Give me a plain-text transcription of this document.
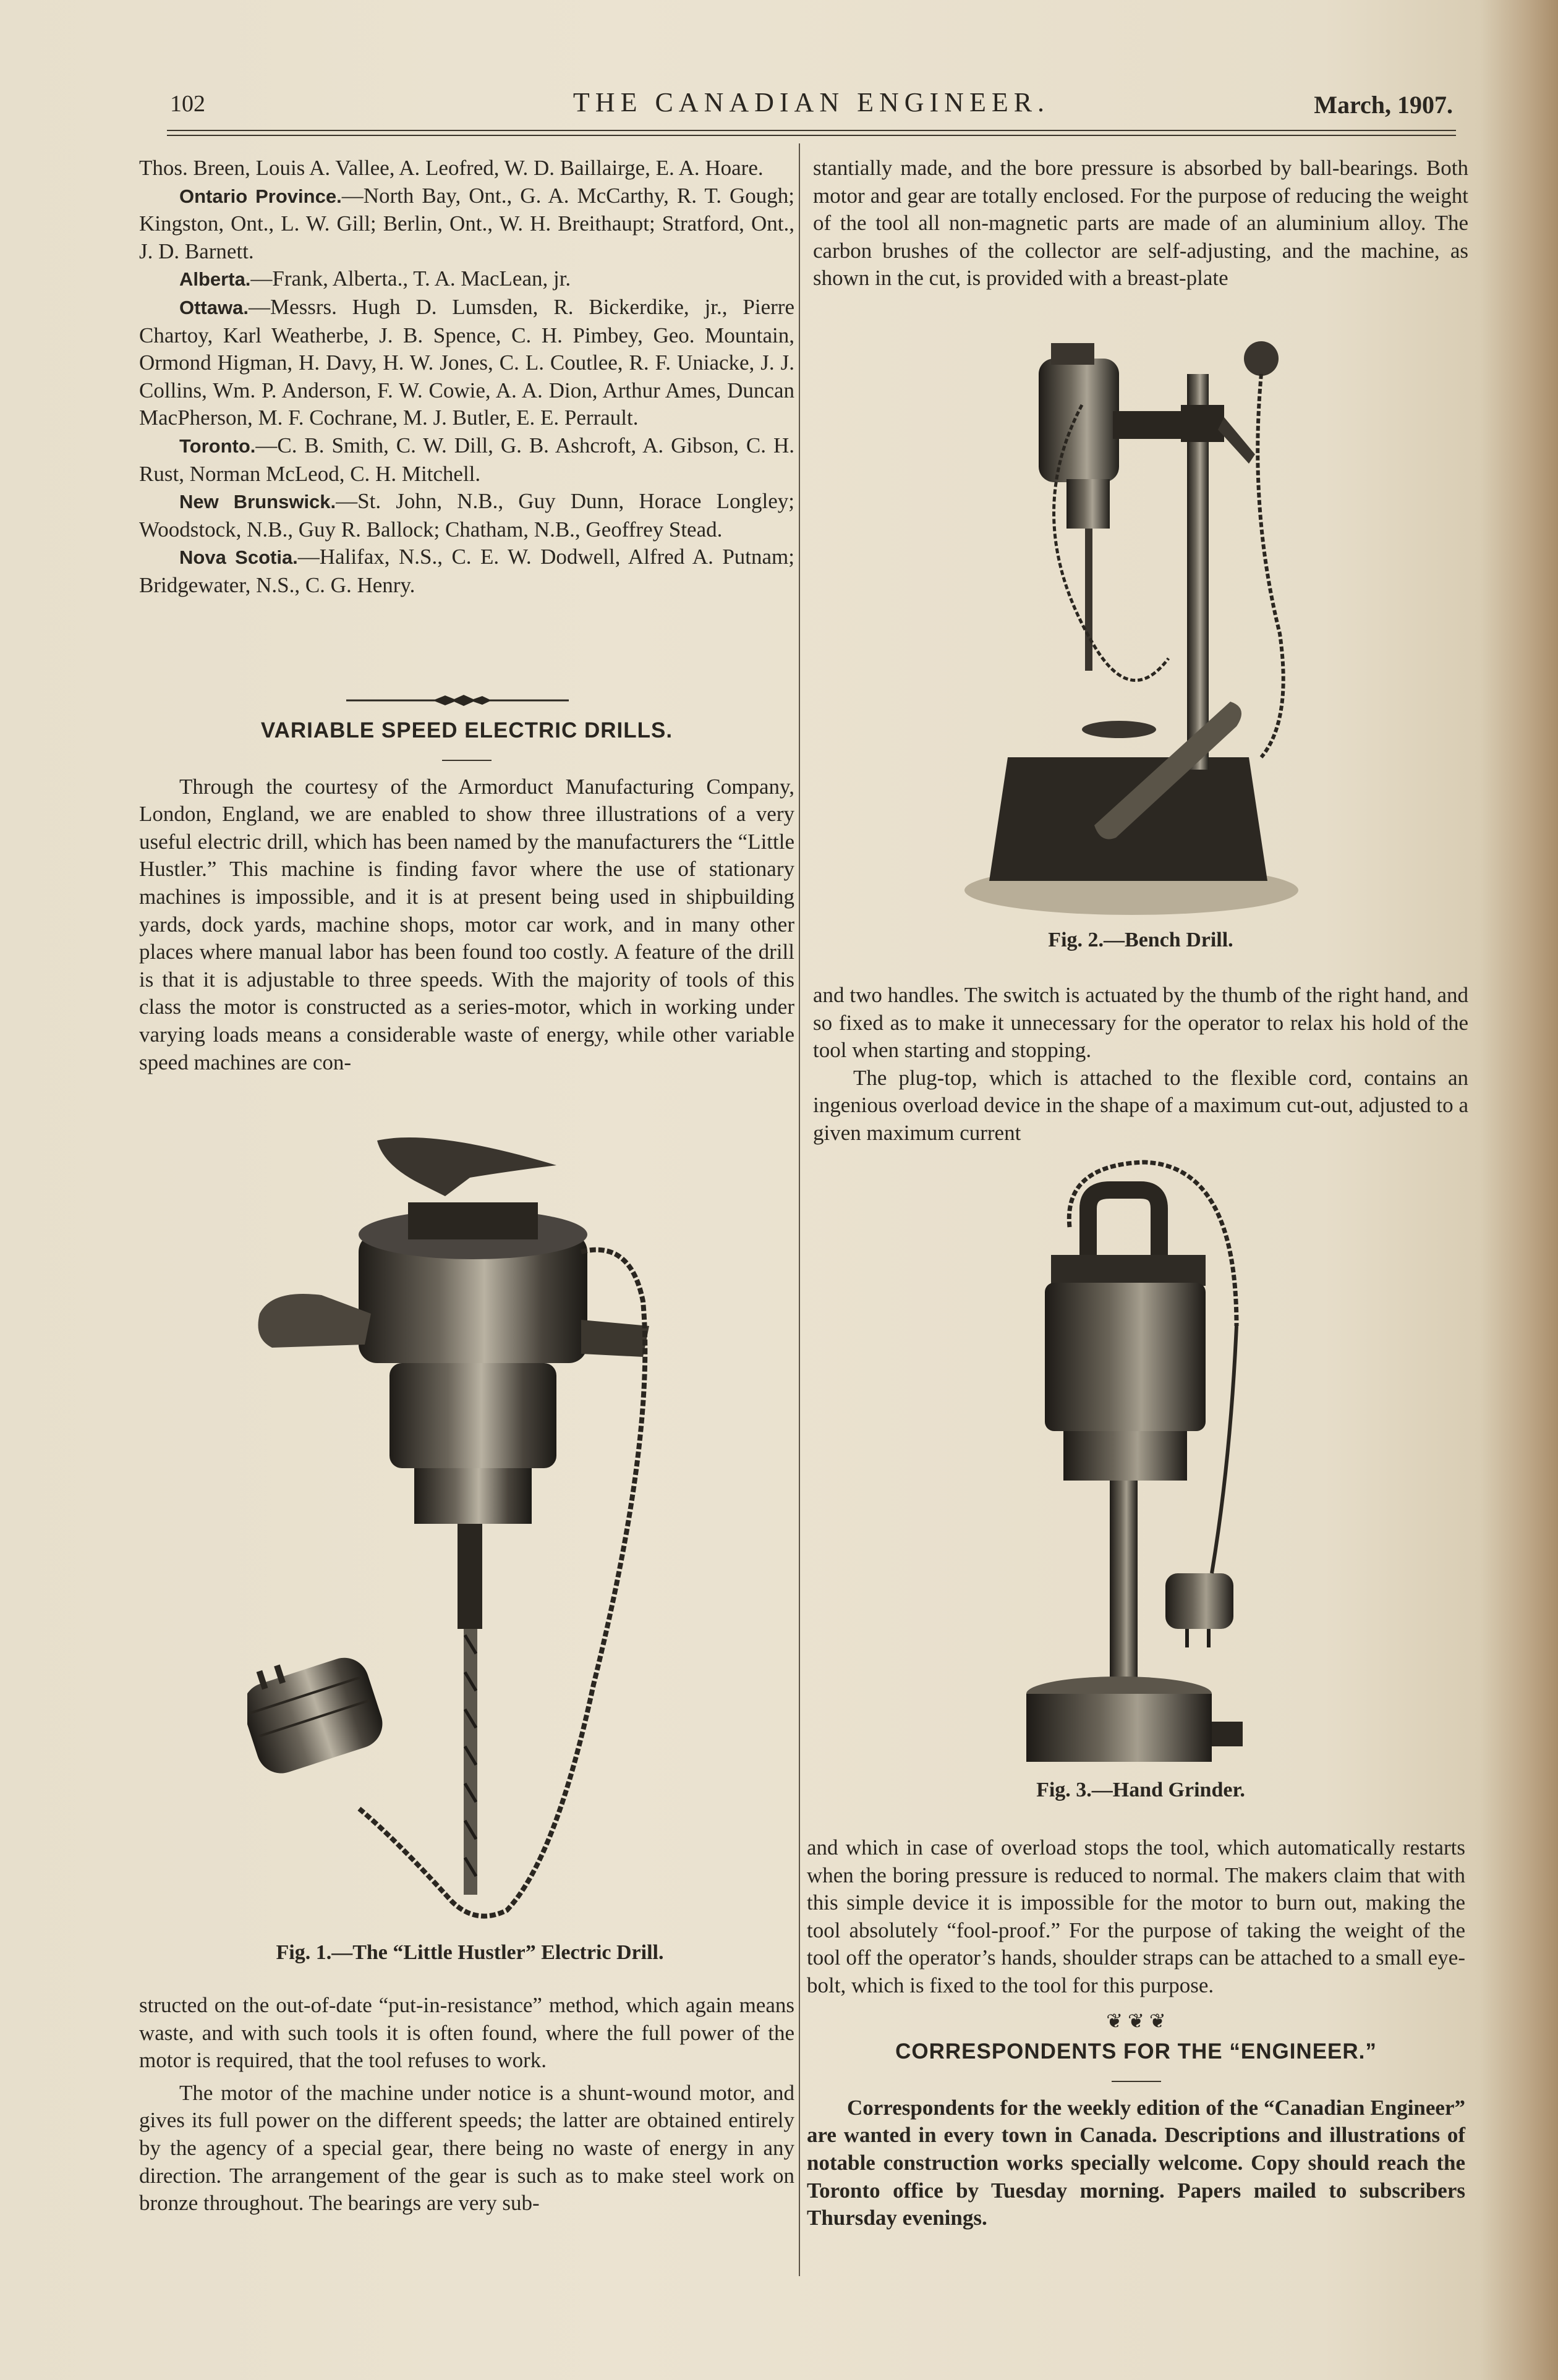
102	THE CANADIAN ENGINEER.	March, 1907.

Thos. Breen, Louis A. Vallee, A. Leofred, W. D. Baillairge, E. A. Hoare.

Ontario Province.—North Bay, Ont., G. A. McCarthy, R. T. Gough; Kingston, Ont., L. W. Gill; Berlin, Ont., W. H. Breithaupt; Stratford, Ont., J. D. Barnett.

Alberta.—Frank, Alberta., T. A. MacLean, jr.

Ottawa.—Messrs. Hugh D. Lumsden, R. Bickerdike, jr., Pierre Chartoy, Karl Weatherbe, J. B. Spence, C. H. Pimbey, Geo. Mountain, Ormond Higman, H. Davy, H. W. Jones, C. L. Coutlee, R. F. Uniacke, J. J. Collins, Wm. P. Anderson, F. W. Cowie, A. A. Dion, Arthur Ames, Duncan MacPherson, M. F. Cochrane, M. J. Butler, E. E. Perrault.

Toronto.—C. B. Smith, C. W. Dill, G. B. Ashcroft, A. Gibson, C. H. Rust, Norman McLeod, C. H. Mitchell.

New Brunswick.—St. John, N.B., Guy Dunn, Horace Longley; Woodstock, N.B., Guy R. Ballock; Chatham, N.B., Geoffrey Stead.

Nova Scotia.—Halifax, N.S., C. E. W. Dodwell, Alfred A. Putnam; Bridgewater, N.S., C. G. Henry.

VARIABLE SPEED ELECTRIC DRILLS.

Through the courtesy of the Armorduct Manufacturing Company, London, England, we are enabled to show three illustrations of a very useful electric drill, which has been named by the manufacturers the “Little Hustler.” This machine is finding favor where the use of stationary machines is impossible, and it is at present being used in shipbuilding yards, dock yards, machine shops, motor car work, and in many other places where manual labor has been found too costly. A feature of the drill is that it is adjustable to three speeds. With the majority of tools of this class the motor is constructed as a series-motor, which in working under varying loads means a considerable waste of energy, while other variable speed machines are con-

Fig. 1.—The “Little Hustler” Electric Drill.

structed on the out-of-date “put-in-resistance” method, which again means waste, and with such tools it is often found, where the full power of the motor is required, that the tool refuses to work.

The motor of the machine under notice is a shunt-wound motor, and gives its full power on the different speeds; the latter are obtained entirely by the agency of a special gear, there being no waste of energy in any direction. The arrangement of the gear is such as to make steel work on bronze throughout. The bearings are very sub-

stantially made, and the bore pressure is absorbed by ball-bearings. Both motor and gear are totally enclosed. For the purpose of reducing the weight of the tool all non-magnetic parts are made of an aluminium alloy. The carbon brushes of the collector are self-adjusting, and the machine, as shown in the cut, is provided with a breast-plate

Fig. 2.—Bench Drill.

and two handles. The switch is actuated by the thumb of the right hand, and so fixed as to make it unnecessary for the operator to relax his hold of the tool when starting and stopping.

The plug-top, which is attached to the flexible cord, contains an ingenious overload device in the shape of a maximum cut-out, adjusted to a given maximum current

Fig. 3.—Hand Grinder.

and which in case of overload stops the tool, which automatically restarts when the boring pressure is reduced to normal. The makers claim that with this simple device it is impossible for the motor to burn out, making the tool absolutely “fool-proof.” For the purpose of taking the weight of the tool off the operator’s hands, shoulder straps can be attached to a small eye-bolt, which is fixed to the tool for this purpose.

❦ ❦ ❦

CORRESPONDENTS FOR THE “ENGINEER.”

Correspondents for the weekly edition of the “Canadian Engineer” are wanted in every town in Canada. Descriptions and illustrations of notable construction works specially welcome. Copy should reach the Toronto office by Tuesday morning. Papers mailed to subscribers Thursday evenings.
